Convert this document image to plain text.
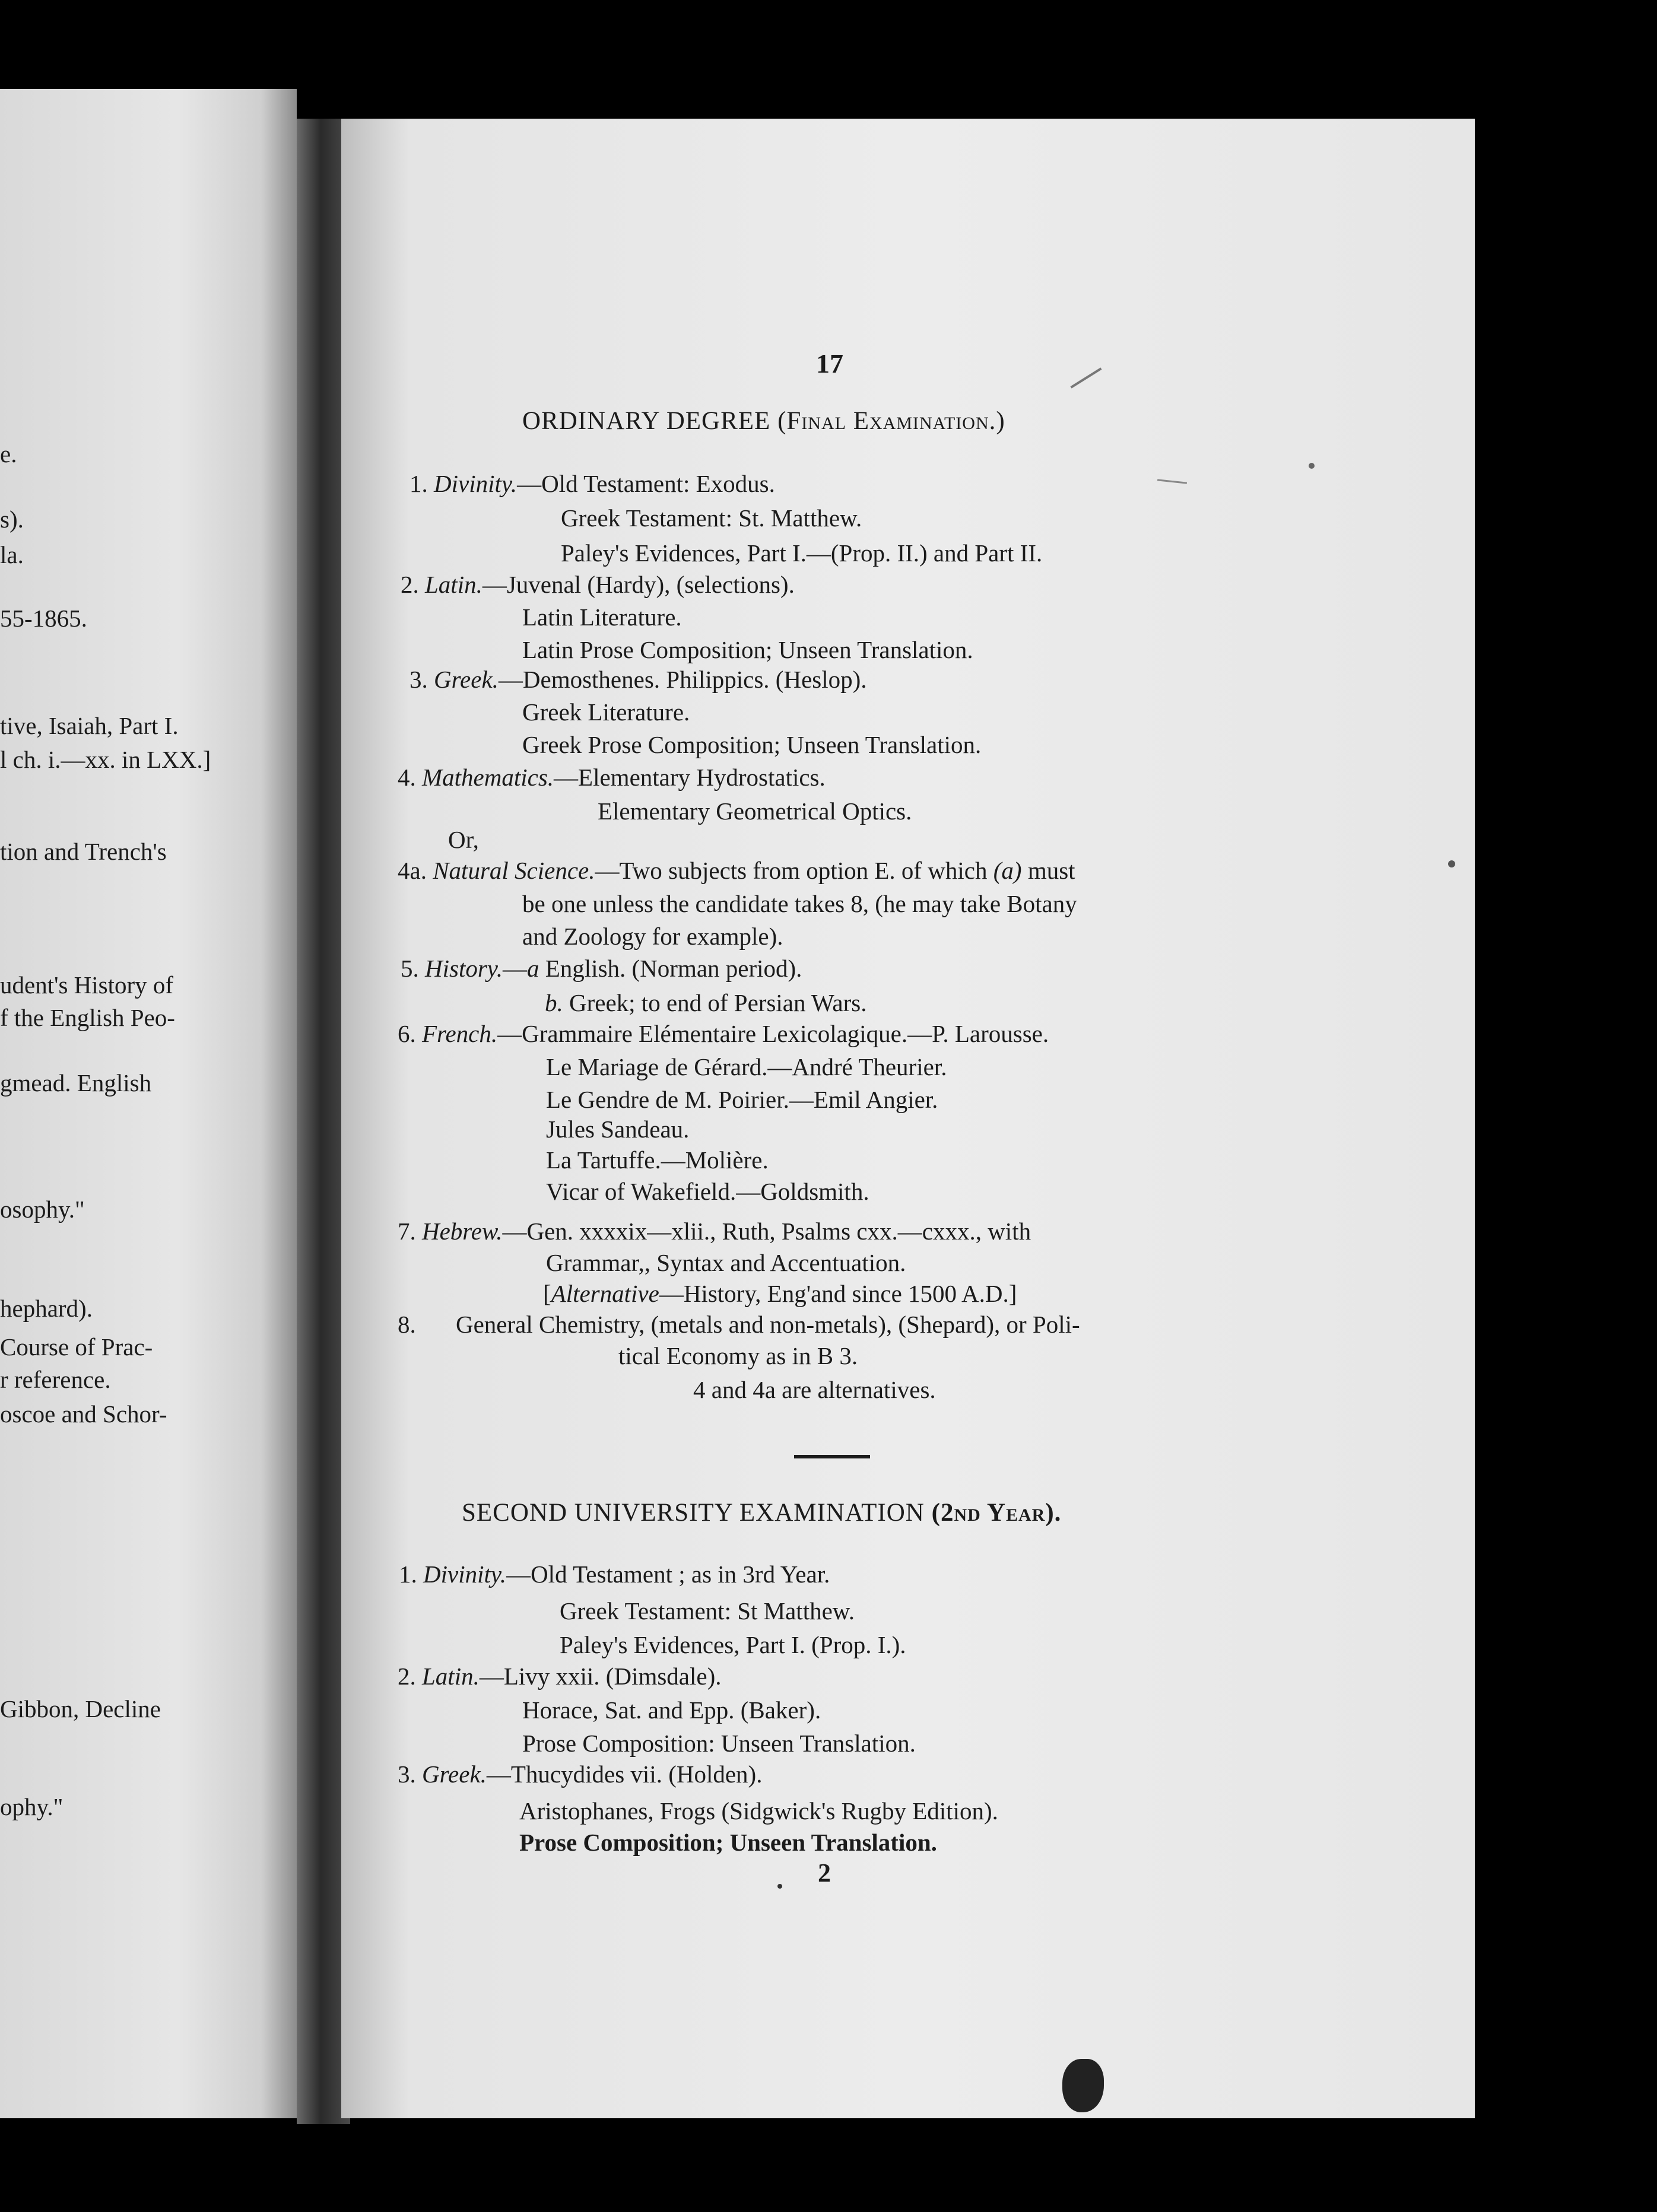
e.
s).
la.
55-1865.
tive, Isaiah, Part I.
l ch. i.—xx. in LXX.]
tion and Trench's
udent's History of
f the English Peo-
gmead. English
osophy."
hephard).
Course of Prac-
r reference.
oscoe and Schor-
Gibbon, Decline
ophy."
17
ORDINARY DEGREE (Final Examination.)
1. Divinity.—Old Testament: Exodus.
Greek Testament: St. Matthew.
Paley's Evidences, Part I.—(Prop. II.) and Part II.
2. Latin.—Juvenal (Hardy), (selections).
Latin Literature.
Latin Prose Composition; Unseen Translation.
3. Greek.—Demosthenes. Philippics. (Heslop).
Greek Literature.
Greek Prose Composition; Unseen Translation.
4. Mathematics.—Elementary Hydrostatics.
Elementary Geometrical Optics.
Or,
4a. Natural Science.—Two subjects from option E. of which (a) must
be one unless the candidate takes 8, (he may take Botany
and Zoology for example).
5. History.—a English. (Norman period).
b. Greek; to end of Persian Wars.
6. French.—Grammaire Elémentaire Lexicolagique.—P. Larousse.
Le Mariage de Gérard.—André Theurier.
Le Gendre de M. Poirier.—Emil Angier.
Jules Sandeau.
La Tartuffe.—Molière.
Vicar of Wakefield.—Goldsmith.
7. Hebrew.—Gen. xxxxix—xlii., Ruth, Psalms cxx.—cxxx., with
Grammar,, Syntax and Accentuation.
[Alternative—History, Eng'and since 1500 A.D.]
8. General Chemistry, (metals and non-metals), (Shepard), or Poli-
tical Economy as in B 3.
4 and 4a are alternatives.
SECOND UNIVERSITY EXAMINATION (2nd Year).
1. Divinity.—Old Testament ; as in 3rd Year.
Greek Testament: St Matthew.
Paley's Evidences, Part I. (Prop. I.).
2. Latin.—Livy xxii. (Dimsdale).
Horace, Sat. and Epp. (Baker).
Prose Composition: Unseen Translation.
3. Greek.—Thucydides vii. (Holden).
Aristophanes, Frogs (Sidgwick's Rugby Edition).
Prose Composition; Unseen Translation.
2
